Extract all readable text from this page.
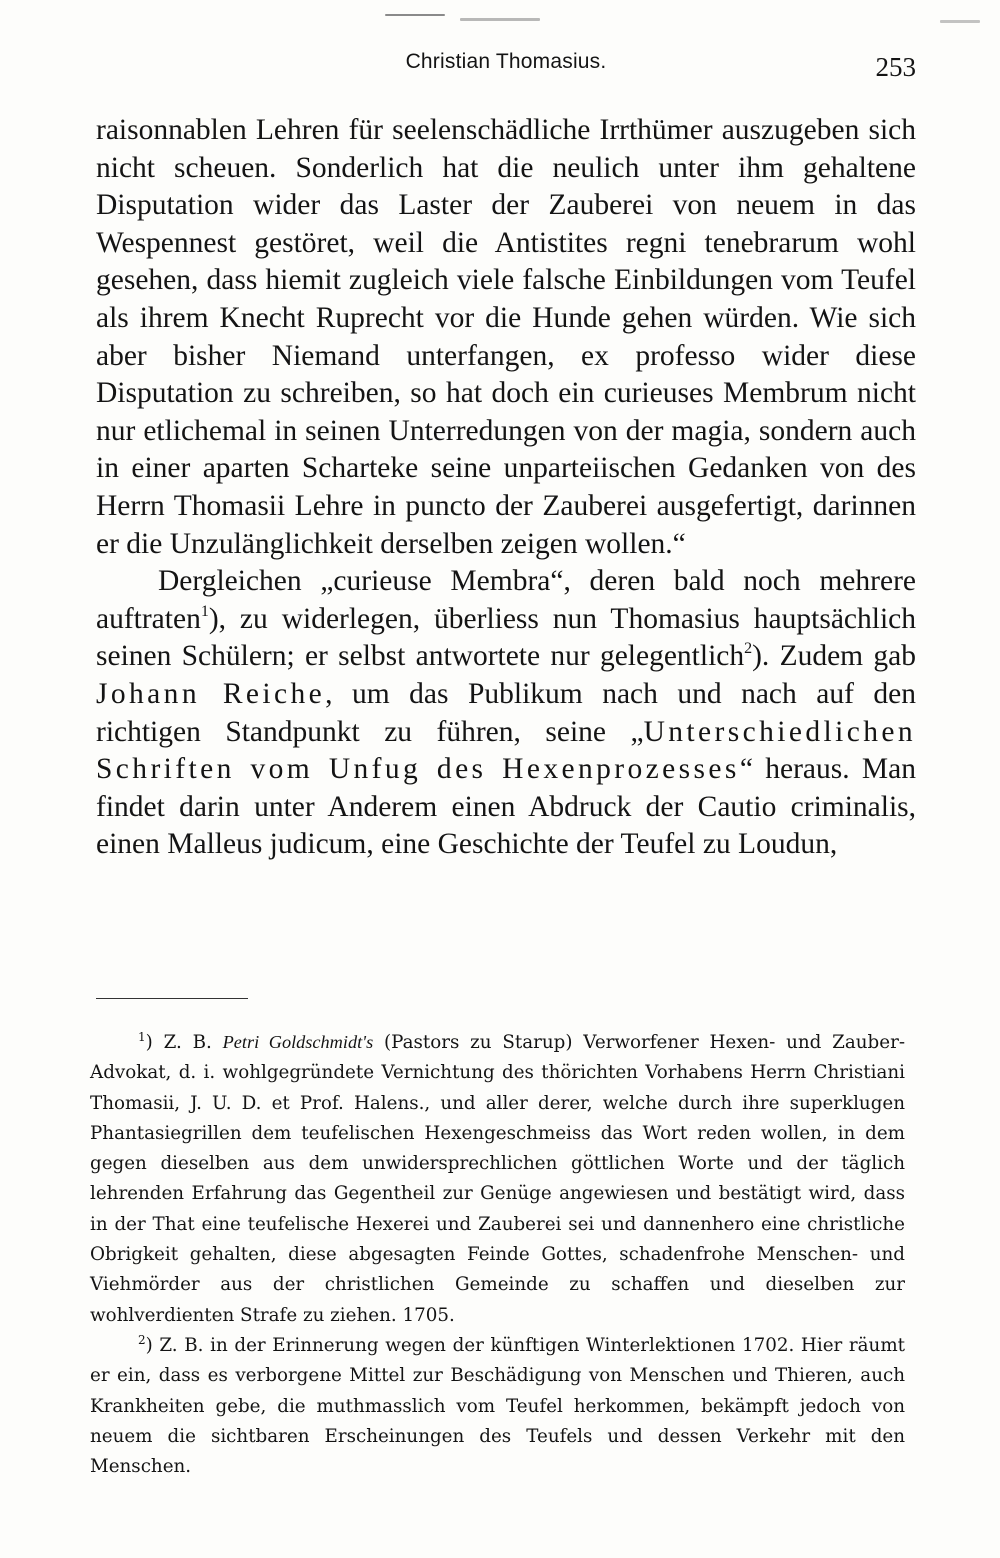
Christian Thomasius.	253

raisonnablen Lehren für seelenschädliche Irrthümer auszugeben sich nicht scheuen. Sonderlich hat die neulich unter ihm gehaltene Disputation wider das Laster der Zauberei von neuem in das Wespennest gestöret, weil die Antistites regni tenebrarum wohl gesehen, dass hiemit zugleich viele falsche Einbildungen vom Teufel als ihrem Knecht Ruprecht vor die Hunde gehen würden. Wie sich aber bisher Niemand unterfangen, ex professo wider diese Disputation zu schreiben, so hat doch ein curieuses Membrum nicht nur etlichemal in seinen Unterredungen von der magia, sondern auch in einer aparten Scharteke seine unparteiischen Gedanken von des Herrn Thomasii Lehre in puncto der Zauberei ausgefertigt, darinnen er die Unzulänglichkeit derselben zeigen wollen.“

Dergleichen „curieuse Membra“, deren bald noch mehrere auftraten$^1$), zu widerlegen, überliess nun Thomasius hauptsächlich seinen Schülern; er selbst antwortete nur gelegentlich$^2$). Zudem gab Johann Reiche, um das Publikum nach und nach auf den richtigen Standpunkt zu führen, seine „Unterschiedlichen Schriften vom Unfug des Hexenprozesses“ heraus. Man findet darin unter Anderem einen Abdruck der Cautio criminalis, einen Malleus judicum, eine Geschichte der Teufel zu Loudun,

$^1$) Z. B. Petri Goldschmidt's (Pastors zu Starup) Verworfener Hexen- und Zauber-Advokat, d. i. wohlgegründete Vernichtung des thörichten Vorhabens Herrn Christiani Thomasii, J. U. D. et Prof. Halens., und aller derer, welche durch ihre superklugen Phantasiegrillen dem teufelischen Hexengeschmeiss das Wort reden wollen, in dem gegen dieselben aus dem unwidersprechlichen göttlichen Worte und der täglich lehrenden Erfahrung das Gegentheil zur Genüge angewiesen und bestätigt wird, dass in der That eine teufelische Hexerei und Zauberei sei und dannenhero eine christliche Obrigkeit gehalten, diese abgesagten Feinde Gottes, schadenfrohe Menschen- und Viehmörder aus der christlichen Gemeinde zu schaffen und dieselben zur wohlverdienten Strafe zu ziehen. 1705.

$^2$) Z. B. in der Erinnerung wegen der künftigen Winterlektionen 1702. Hier räumt er ein, dass es verborgene Mittel zur Beschädigung von Menschen und Thieren, auch Krankheiten gebe, die muthmasslich vom Teufel herkommen, bekämpft jedoch von neuem die sichtbaren Erscheinungen des Teufels und dessen Verkehr mit den Menschen.
